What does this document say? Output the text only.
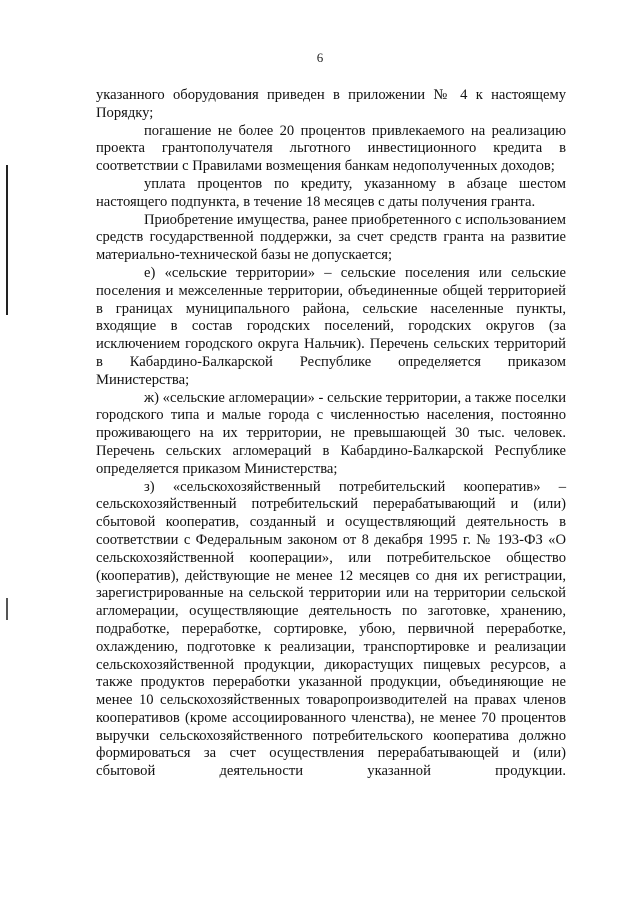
6

указанного оборудования приведен в приложении № 4 к настоящему Порядку;

погашение не более 20 процентов привлекаемого на реализацию проекта грантополучателя льготного инвестиционного кредита в соответствии с Правилами возмещения банкам недополученных доходов;

уплата процентов по кредиту, указанному в абзаце шестом настоящего подпункта, в течение 18 месяцев с даты получения гранта.

Приобретение имущества, ранее приобретенного с использованием средств государственной поддержки, за счет средств гранта на развитие материально-технической базы не допускается;

е) «сельские территории» – сельские поселения или сельские поселения и межселенные территории, объединенные общей территорией в границах муниципального района, сельские населенные пункты, входящие в состав городских поселений, городских округов (за исключением городского округа Нальчик). Перечень сельских территорий в Кабардино-Балкарской Республике определяется приказом Министерства;

ж) «сельские агломерации» - сельские территории, а также поселки городского типа и малые города с численностью населения, постоянно проживающего на их территории, не превышающей 30 тыс. человек. Перечень сельских агломераций в Кабардино-Балкарской Республике определяется приказом Министерства;

з) «сельскохозяйственный потребительский кооператив» – сельскохозяйственный потребительский перерабатывающий и (или) сбытовой кооператив, созданный и осуществляющий деятельность в соответствии с Федеральным законом от 8 декабря 1995 г. № 193-ФЗ «О сельскохозяйственной кооперации», или потребительское общество (кооператив), действующие не менее 12 месяцев со дня их регистрации, зарегистрированные на сельской территории или на территории сельской агломерации, осуществляющие деятельность по заготовке, хранению, подработке, переработке, сортировке, убою, первичной переработке, охлаждению, подготовке к реализации, транспортировке и реализации сельскохозяйственной продукции, дикорастущих пищевых ресурсов, а также продуктов переработки указанной продукции, объединяющие не менее 10 сельскохозяйственных товаропроизводителей на правах членов кооперативов (кроме ассоциированного членства), не менее 70 процентов выручки сельскохозяйственного потребительского кооператива должно формироваться за счет осуществления перерабатывающей и (или) сбытовой деятельности указанной продукции.
